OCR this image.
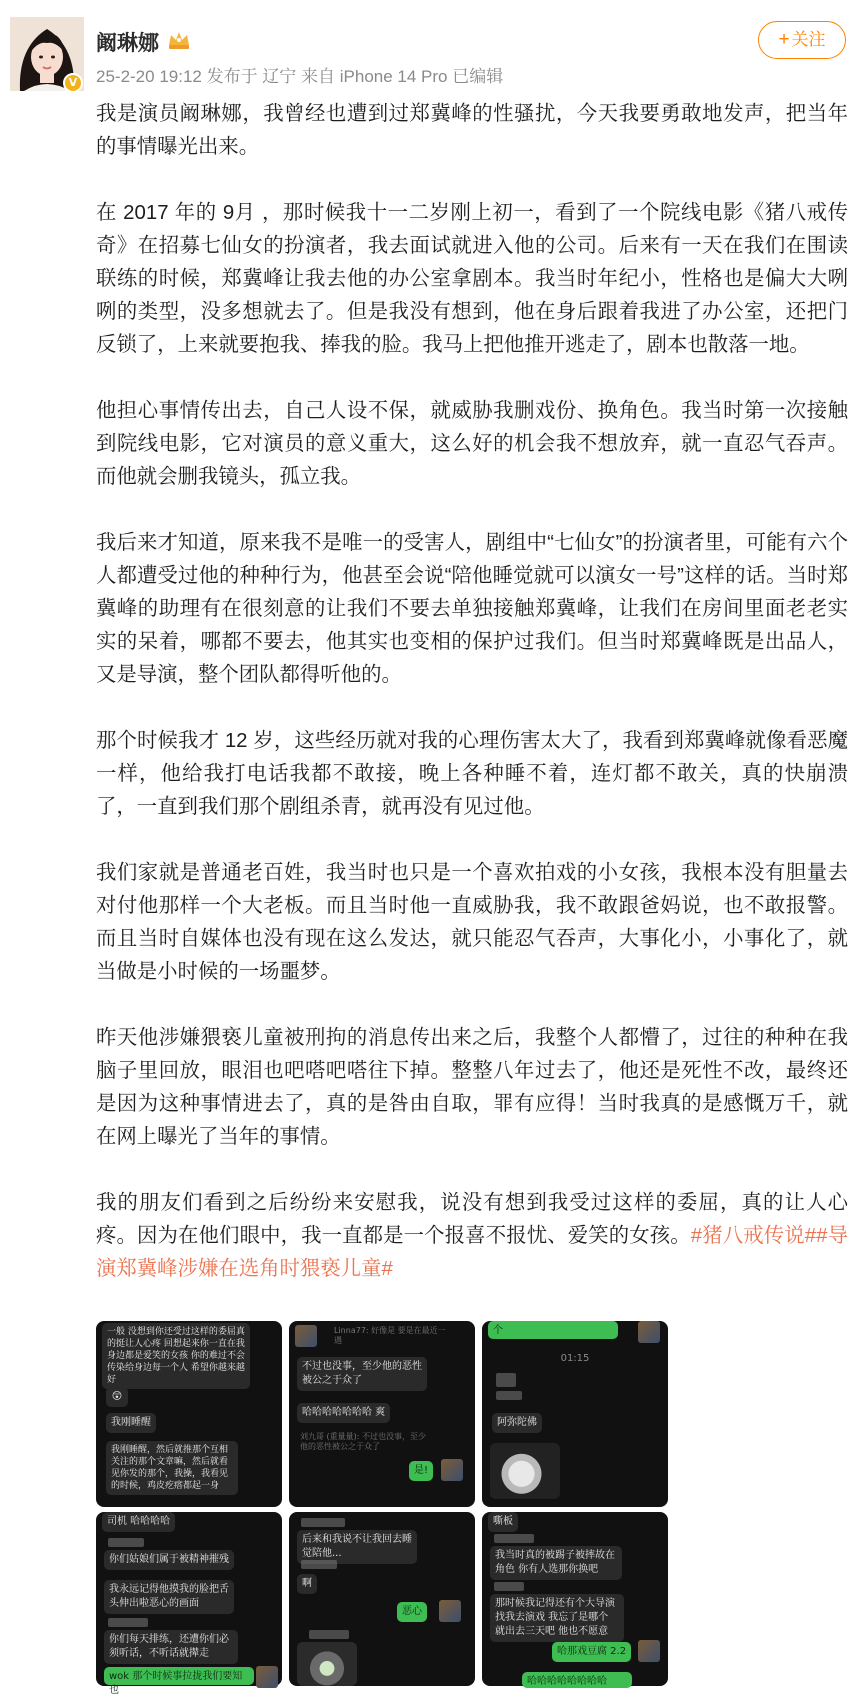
V
阚琳娜
25-2-20 19:12 发布于 辽宁 来自 iPhone 14 Pro 已编辑
+ 关注

我是演员阚琳娜，我曾经也遭到过郑冀峰的性骚扰，今天我要勇敢地发声，把当年的事情曝光出来。

在 2017 年的 9月 ，那时候我十一二岁刚上初一，看到了一个院线电影《猪八戒传奇》在招募七仙女的扮演者，我去面试就进入他的公司。后来有一天在我们在围读联练的时候，郑冀峰让我去他的办公室拿剧本。我当时年纪小，性格也是偏大大咧咧的类型，没多想就去了。但是我没有想到，他在身后跟着我进了办公室，还把门反锁了，上来就要抱我、捧我的脸。我马上把他推开逃走了，剧本也散落一地。

他担心事情传出去，自己人设不保，就威胁我删戏份、换角色。我当时第一次接触到院线电影，它对演员的意义重大，这么好的机会我不想放弃，就一直忍气吞声。而他就会删我镜头，孤立我。

我后来才知道，原来我不是唯一的受害人，剧组中“七仙女”的扮演者里，可能有六个人都遭受过他的种种行为，他甚至会说“陪他睡觉就可以演女一号”这样的话。当时郑冀峰的助理有在很刻意的让我们不要去单独接触郑冀峰，让我们在房间里面老老实实的呆着，哪都不要去，他其实也变相的保护过我们。但当时郑冀峰既是出品人，又是导演，整个团队都得听他的。

那个时候我才 12 岁，这些经历就对我的心理伤害太大了，我看到郑冀峰就像看恶魔一样，他给我打电话我都不敢接，晚上各种睡不着，连灯都不敢关，真的快崩溃了，一直到我们那个剧组杀青，就再没有见过他。

我们家就是普通老百姓，我当时也只是一个喜欢拍戏的小女孩，我根本没有胆量去对付他那样一个大老板。而且当时他一直威胁我，我不敢跟爸妈说，也不敢报警。而且当时自媒体也没有现在这么发达，就只能忍气吞声，大事化小，小事化了，就当做是小时候的一场噩梦。

昨天他涉嫌猥亵儿童被刑拘的消息传出来之后，我整个人都懵了，过往的种种在我脑子里回放，眼泪也吧嗒吧嗒往下掉。整整八年过去了，他还是死性不改，最终还是因为这种事情进去了，真的是咎由自取，罪有应得！当时我真的是感慨万千，就在网上曝光了当年的事情。

我的朋友们看到之后纷纷来安慰我，说没有想到我受过这样的委屈，真的让人心疼。因为在他们眼中，我一直都是一个报喜不报忧、爱笑的女孩。#猪八戒传说##导演郑冀峰涉嫌在选角时猥亵儿童#

一般 没想到你还受过这样的委屈真的挺让人心疼 回想起来你一直在我身边都是爱笑的女孩 你的难过不会传染给身边每一个人 希望你越来越好
😲
我刚睡醒
我刚睡醒，然后就推那个互相关注的那个文章嘛，然后就看见你发的那个，我操，我看见的时候，鸡皮疙瘩都起一身
Linna77: 好像是 要是在最近一遇
不过也没事，至少他的恶性被公之于众了
哈哈哈哈哈哈哈 爽
刘九哥 (重量量): 不过也没事，至少他的恶性被公之于众了
是!
个
01:15
阿弥陀佛
司机 哈哈哈哈
你们姑娘们属于被精神摧残
我永远记得他摸我的脸把舌头伸出啦恶心的画面
你们每天排练，还遭你们必须听话，不听话就撵走
wok 那个时候事拉拢我们要知也
后来和我说不让我回去睡觉陪他...
啊
恶心
嘶板
我当时真的被踢子被摔故在角色 你有人选那你换吧
那时候我记得还有个大导演找我去演戏 我忘了是哪个 就出去三天吧 他也不愿意
哈那戏豆腐 2.2
哈哈哈哈哈哈哈哈
